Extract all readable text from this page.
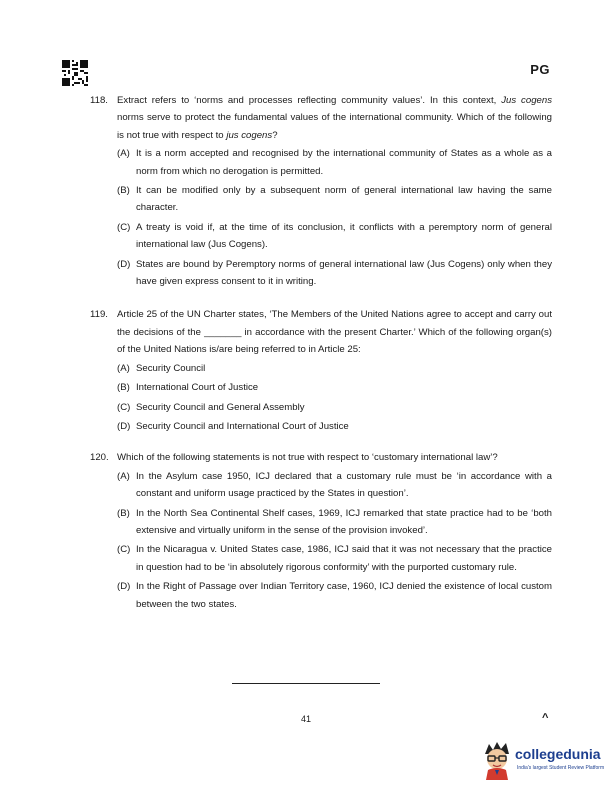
PG
118. Extract refers to ‘norms and processes reflecting community values’. In this context, Jus cogens norms serve to protect the fundamental values of the international community. Which of the following is not true with respect to jus cogens?
(A) It is a norm accepted and recognised by the international community of States as a whole as a norm from which no derogation is permitted.
(B) It can be modified only by a subsequent norm of general international law having the same character.
(C) A treaty is void if, at the time of its conclusion, it conflicts with a peremptory norm of general international law (Jus Cogens).
(D) States are bound by Peremptory norms of general international law (Jus Cogens) only when they have given express consent to it in writing.
119. Article 25 of the UN Charter states, ‘The Members of the United Nations agree to accept and carry out the decisions of the _______ in accordance with the present Charter.’ Which of the following organ(s) of the United Nations is/are being referred to in Article 25:
(A) Security Council
(B) International Court of Justice
(C) Security Council and General Assembly
(D) Security Council and International Court of Justice
120. Which of the following statements is not true with respect to ‘customary international law’?
(A) In the Asylum case 1950, ICJ declared that a customary rule must be ‘in accordance with a constant and uniform usage practiced by the States in question’.
(B) In the North Sea Continental Shelf cases, 1969, ICJ remarked that state practice had to be ‘both extensive and virtually uniform in the sense of the provision invoked’.
(C) In the Nicaragua v. United States case, 1986, ICJ said that it was not necessary that the practice in question had to be ‘in absolutely rigorous conformity’ with the purported customary rule.
(D) In the Right of Passage over Indian Territory case, 1960, ICJ denied the existence of local custom between the two states.
41	^
collegedunia
India's largest Student Review Platform
